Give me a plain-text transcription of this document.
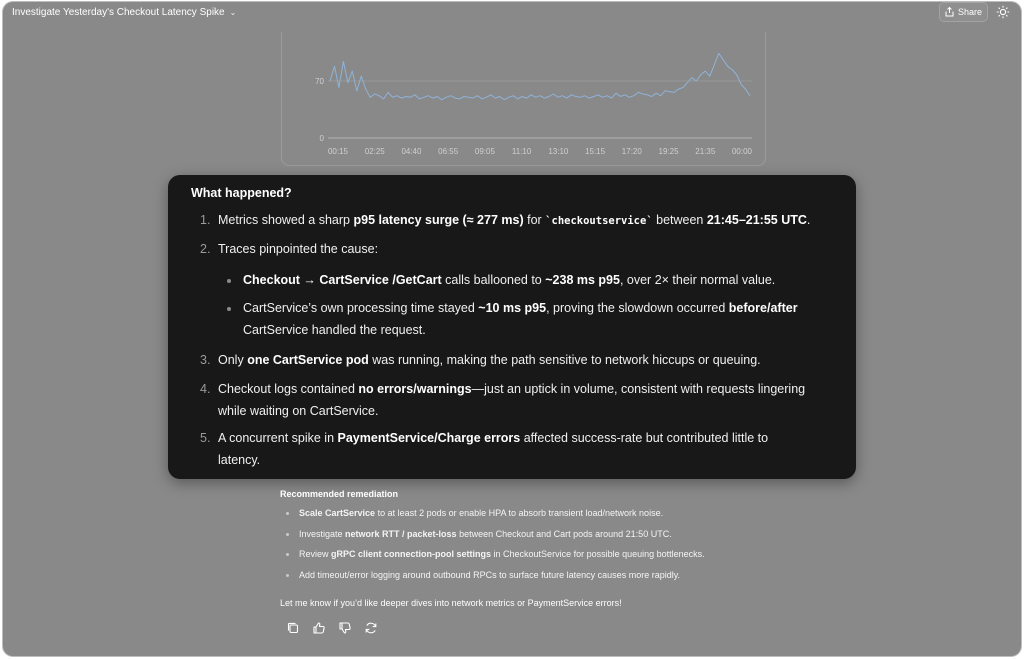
Investigate Yesterday's Checkout Latency Spike ⌄	Share
70
0
00:15 02:25 04:40 06:55 09:05 11:10 13:10 15:15 17:20 19:25 21:35 00:00
What happened?
1. Metrics showed a sharp p95 latency surge (≈ 277 ms) for `checkoutservice` between 21:45–21:55 UTC.
2. Traces pinpointed the cause:
Checkout → CartService /GetCart calls ballooned to ~238 ms p95, over 2× their normal value.
CartService’s own processing time stayed ~10 ms p95, proving the slowdown occurred before/after
CartService handled the request.
3. Only one CartService pod was running, making the path sensitive to network hiccups or queuing.
4. Checkout logs contained no errors/warnings—just an uptick in volume, consistent with requests lingering
while waiting on CartService.
5. A concurrent spike in PaymentService/Charge errors affected success-rate but contributed little to
latency.
Recommended remediation
Scale CartService to at least 2 pods or enable HPA to absorb transient load/network noise.
Investigate network RTT / packet-loss between Checkout and Cart pods around 21:50 UTC.
Review gRPC client connection-pool settings in CheckoutService for possible queuing bottlenecks.
Add timeout/error logging around outbound RPCs to surface future latency causes more rapidly.
Let me know if you’d like deeper dives into network metrics or PaymentService errors!
